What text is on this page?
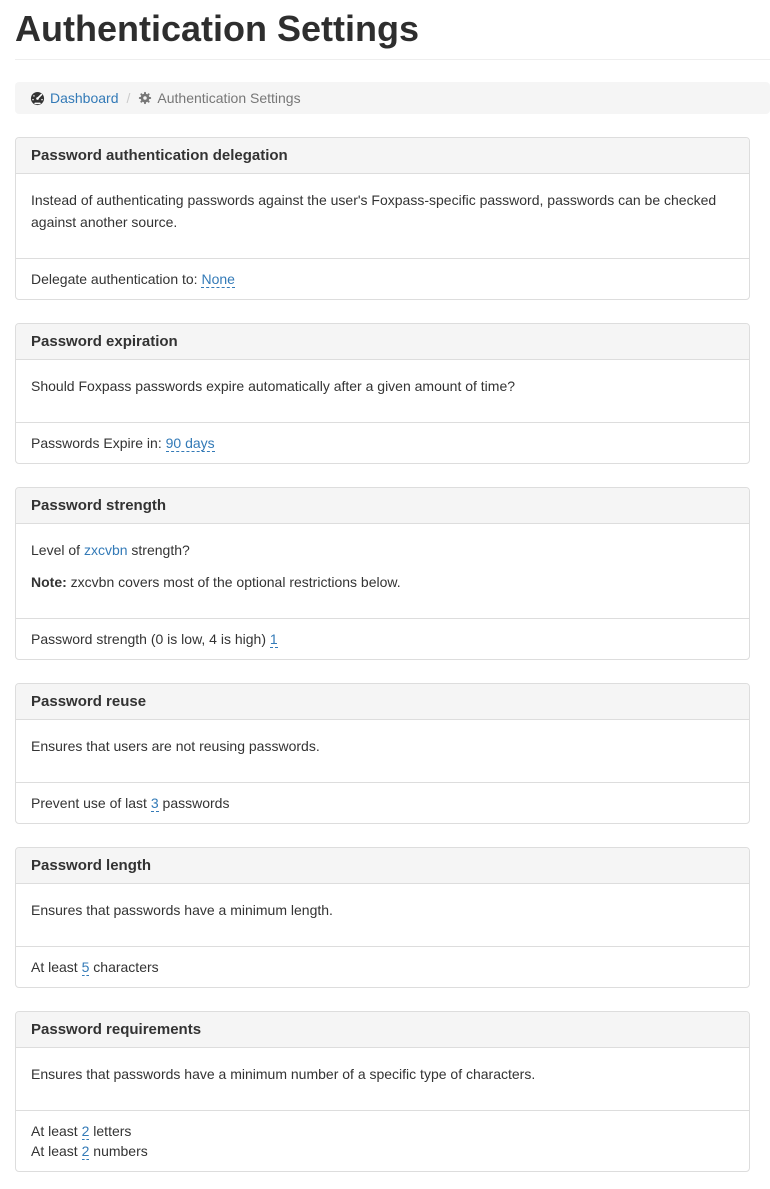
Authentication Settings
Dashboard / Authentication Settings
Password authentication delegation

Instead of authenticating passwords against the user's Foxpass-specific password, passwords can be checked against another source.

Delegate authentication to: None
Password expiration

Should Foxpass passwords expire automatically after a given amount of time?

Passwords Expire in: 90 days
Password strength

Level of zxcvbn strength?

Note: zxcvbn covers most of the optional restrictions below.

Password strength (0 is low, 4 is high) 1
Password reuse

Ensures that users are not reusing passwords.

Prevent use of last 3 passwords
Password length

Ensures that passwords have a minimum length.

At least 5 characters
Password requirements

Ensures that passwords have a minimum number of a specific type of characters.

At least 2 letters
At least 2 numbers
